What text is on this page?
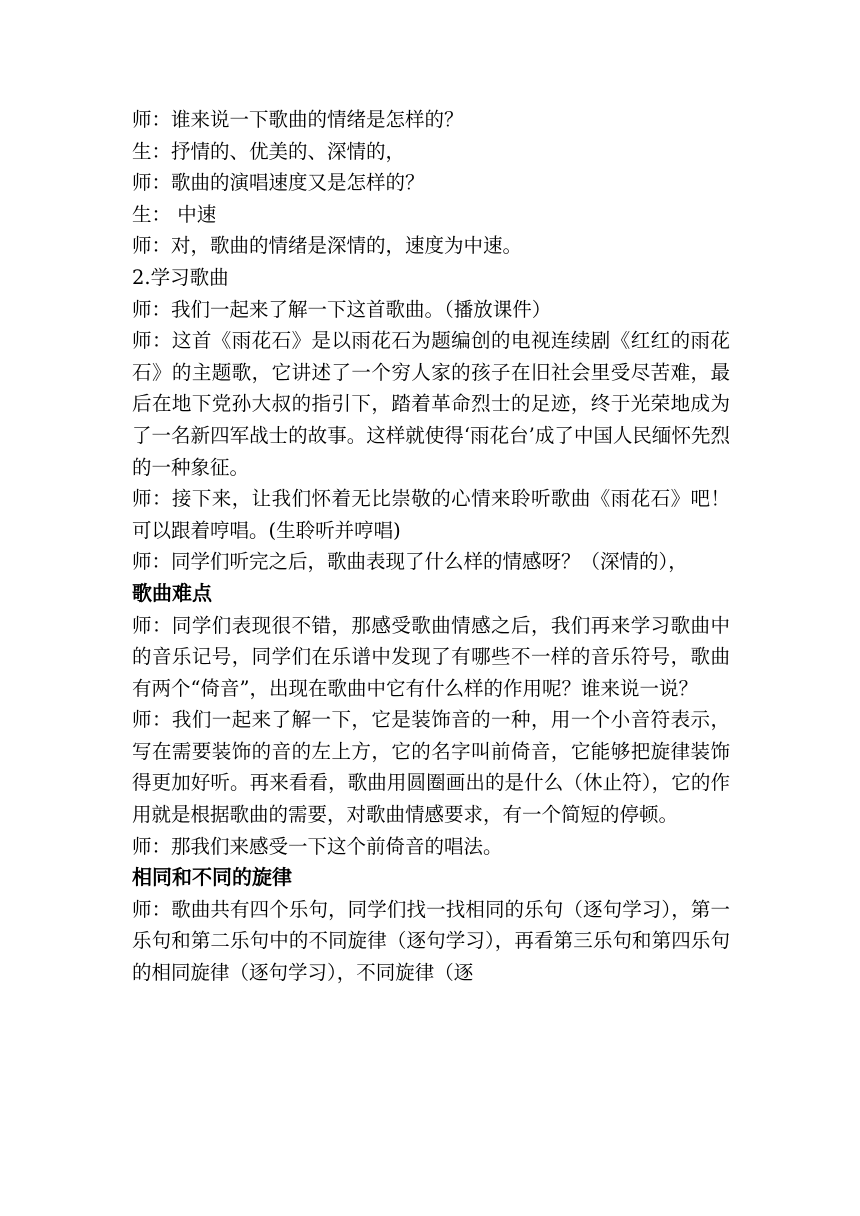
师：谁来说一下歌曲的情绪是怎样的？

生：抒情的、优美的、深情的，

师：歌曲的演唱速度又是怎样的？

生： 中速

师：对，歌曲的情绪是深情的，速度为中速。

2.学习歌曲

师：我们一起来了解一下这首歌曲。（播放课件）

师：这首《雨花石》是以雨花石为题编创的电视连续剧《红红的雨花石》的主题歌，它讲述了一个穷人家的孩子在旧社会里受尽苦难，最后在地下党孙大叔的指引下，踏着革命烈士的足迹，终于光荣地成为了一名新四军战士的故事。这样就使得‘雨花台’成了中国人民缅怀先烈的一种象征。

师：接下来，让我们怀着无比崇敬的心情来聆听歌曲《雨花石》吧！可以跟着哼唱。(生聆听并哼唱)

师：同学们听完之后，歌曲表现了什么样的情感呀？（深情的），

歌曲难点

师：同学们表现很不错，那感受歌曲情感之后，我们再来学习歌曲中的音乐记号，同学们在乐谱中发现了有哪些不一样的音乐符号，歌曲有两个“倚音”，出现在歌曲中它有什么样的作用呢？谁来说一说？

师：我们一起来了解一下，它是装饰音的一种，用一个小音符表示，写在需要装饰的音的左上方，它的名字叫前倚音，它能够把旋律装饰得更加好听。再来看看，歌曲用圆圈画出的是什么（休止符），它的作用就是根据歌曲的需要，对歌曲情感要求，有一个简短的停顿。

师：那我们来感受一下这个前倚音的唱法。

相同和不同的旋律

师：歌曲共有四个乐句，同学们找一找相同的乐句（逐句学习），第一乐句和第二乐句中的不同旋律（逐句学习），再看第三乐句和第四乐句的相同旋律（逐句学习），不同旋律（逐
